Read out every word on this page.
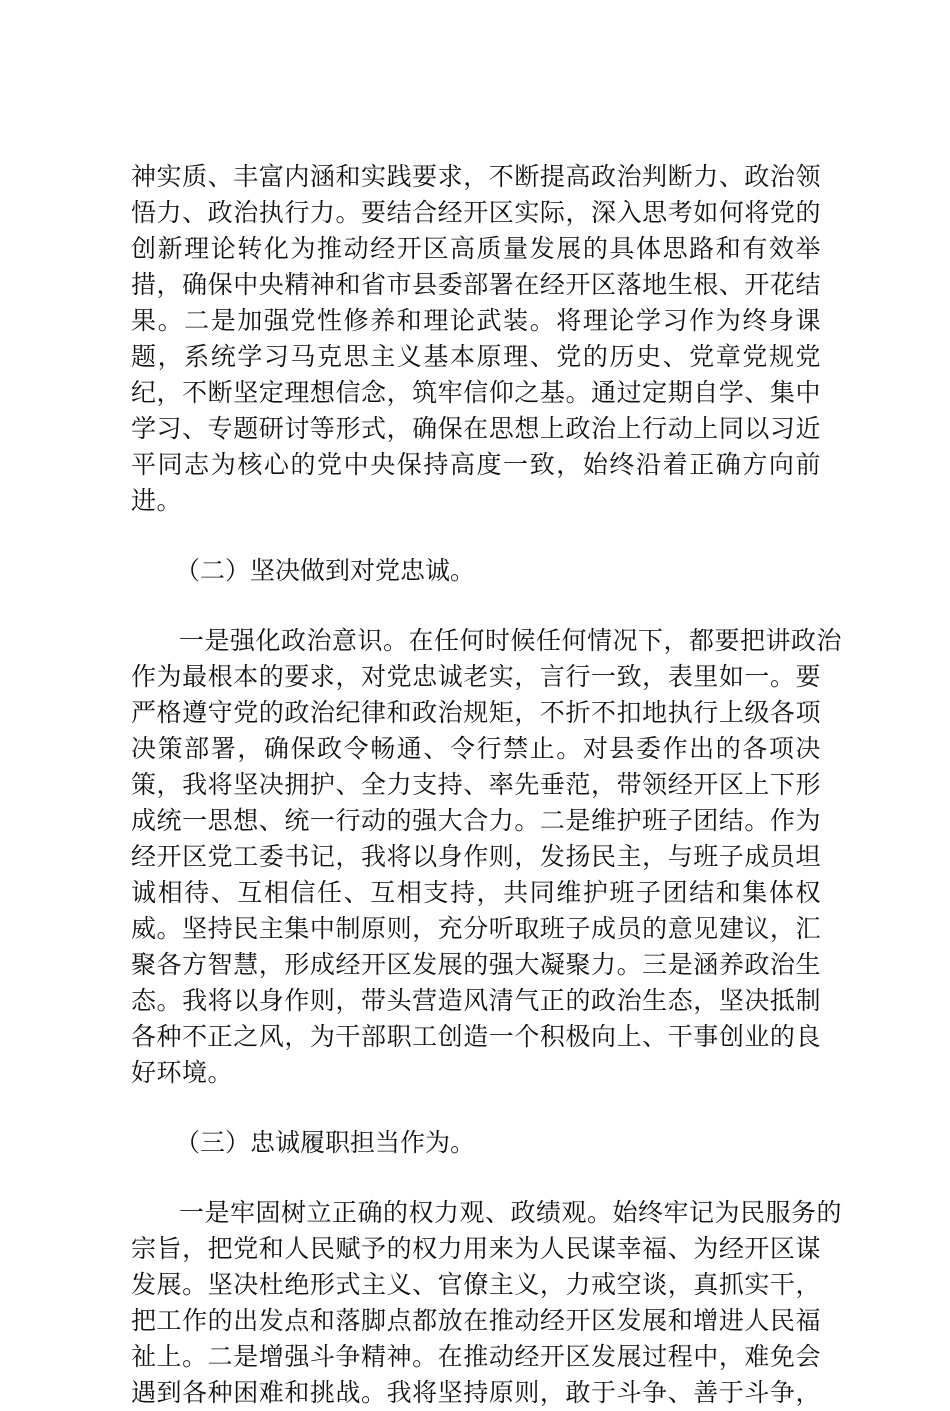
神实质、丰富内涵和实践要求，不断提高政治判断力、政治领
悟力、政治执行力。要结合经开区实际，深入思考如何将党的
创新理论转化为推动经开区高质量发展的具体思路和有效举
措，确保中央精神和省市县委部署在经开区落地生根、开花结
果。二是加强党性修养和理论武装。将理论学习作为终身课
题，系统学习马克思主义基本原理、党的历史、党章党规党
纪，不断坚定理想信念，筑牢信仰之基。通过定期自学、集中
学习、专题研讨等形式，确保在思想上政治上行动上同以习近
平同志为核心的党中央保持高度一致，始终沿着正确方向前
进。
（二）坚决做到对党忠诚。
一是强化政治意识。在任何时候任何情况下，都要把讲政治
作为最根本的要求，对党忠诚老实，言行一致，表里如一。要
严格遵守党的政治纪律和政治规矩，不折不扣地执行上级各项
决策部署，确保政令畅通、令行禁止。对县委作出的各项决
策，我将坚决拥护、全力支持、率先垂范，带领经开区上下形
成统一思想、统一行动的强大合力。二是维护班子团结。作为
经开区党工委书记，我将以身作则，发扬民主，与班子成员坦
诚相待、互相信任、互相支持，共同维护班子团结和集体权
威。坚持民主集中制原则，充分听取班子成员的意见建议，汇
聚各方智慧，形成经开区发展的强大凝聚力。三是涵养政治生
态。我将以身作则，带头营造风清气正的政治生态，坚决抵制
各种不正之风，为干部职工创造一个积极向上、干事创业的良
好环境。
（三）忠诚履职担当作为。
一是牢固树立正确的权力观、政绩观。始终牢记为民服务的
宗旨，把党和人民赋予的权力用来为人民谋幸福、为经开区谋
发展。坚决杜绝形式主义、官僚主义，力戒空谈，真抓实干，
把工作的出发点和落脚点都放在推动经开区发展和增进人民福
祉上。二是增强斗争精神。在推动经开区发展过程中，难免会
遇到各种困难和挑战。我将坚持原则，敢于斗争、善于斗争，
